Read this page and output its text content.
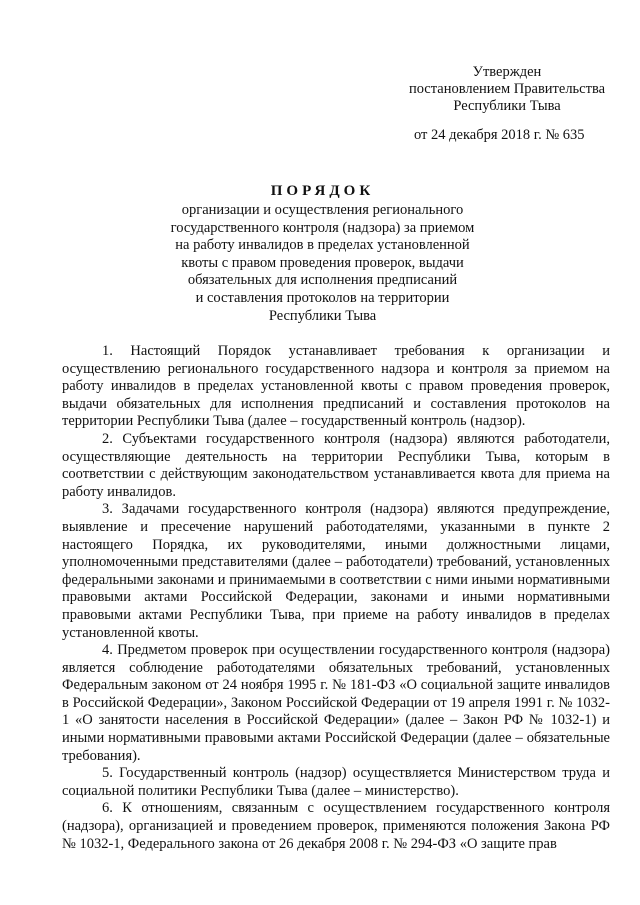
Утвержден
постановлением Правительства
Республики Тыва
от 24 декабря 2018 г. № 635
ПОРЯДОК
организации и осуществления регионального
государственного контроля (надзора) за приемом
на работу инвалидов в пределах установленной
квоты с правом проведения проверок, выдачи
обязательных для исполнения предписаний
и составления протоколов на территории
Республики Тыва

1. Настоящий Порядок устанавливает требования к организации и осуществлению регионального государственного надзора и контроля за приемом на работу инвалидов в пределах установленной квоты с правом проведения проверок, выдачи обязательных для исполнения предписаний и составления протоколов на территории Республики Тыва (далее – государственный контроль (надзор).

2. Субъектами государственного контроля (надзора) являются работодатели, осуществляющие деятельность на территории Республики Тыва, которым в соответствии с действующим законодательством устанавливается квота для приема на работу инвалидов.

3. Задачами государственного контроля (надзора) являются предупреждение, выявление и пресечение нарушений работодателями, указанными в пункте 2 настоящего Порядка, их руководителями, иными должностными лицами, уполномоченными представителями (далее – работодатели) требований, установленных федеральными законами и принимаемыми в соответствии с ними иными нормативными правовыми актами Российской Федерации, законами и иными нормативными правовыми актами Республики Тыва, при приеме на работу инвалидов в пределах установленной квоты.

4. Предметом проверок при осуществлении государственного контроля (надзора) является соблюдение работодателями обязательных требований, установленных Федеральным законом от 24 ноября 1995 г. № 181-ФЗ «О социальной защите инвалидов в Российской Федерации», Законом Российской Федерации от 19 апреля 1991 г. № 1032-1 «О занятости населения в Российской Федерации» (далее – Закон РФ № 1032-1) и иными нормативными правовыми актами Российской Федерации (далее – обязательные требования).

5. Государственный контроль (надзор) осуществляется Министерством труда и социальной политики Республики Тыва (далее – министерство).

6. К отношениям, связанным с осуществлением государственного контроля (надзора), организацией и проведением проверок, применяются положения Закона РФ № 1032-1, Федерального закона от 26 декабря 2008 г. № 294-ФЗ «О защите прав
